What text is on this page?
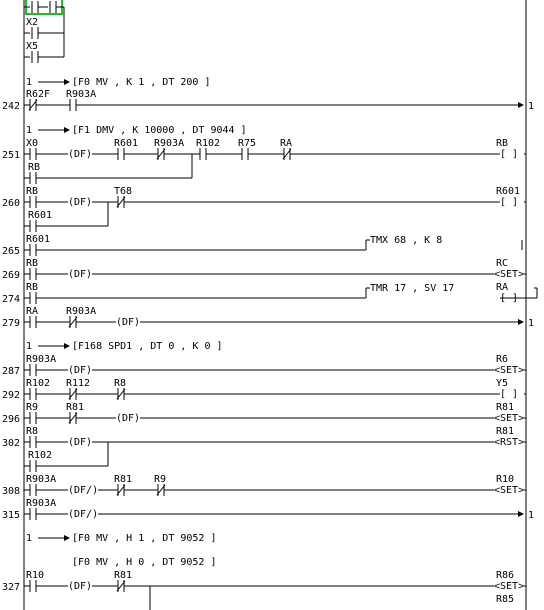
X2
X5
1	[F0 MV , K 1 , DT 200 ]
242
R62F R903A
1
1	[F1 DMV , K 10000 , DT 9044 ]
251
X0
(DF)
R601 R903A R102 R75 RA
[ ]
RB
RB
260
RB
(DF)
T68
[ ]
R601
R601
265
R601	TMX 68 , K 8
269
RB
(DF)	<SET>
RC
274
RB	TMR 17 , SV 17
[ ]
RA
279
RA	R903A
(DF)	1
1	[F168 SPD1 , DT 0 , K 0 ]
287
R903A
(DF)	<SET>
R6
292
R102 R112 R8
[ ]
Y5
296
R9	R81
(DF)	<SET>
R81
302
R8
(DF)	<RST>
R81
R102
308
R903A
(DF/)
R81 R9
<SET>
R10
315
R903A
(DF/)	1
1	[F0 MV , H 1 , DT 9052 ]
[F0 MV , H 0 , DT 9052 ]
327
R10
(DF)
R81
<SET>
R86
R85
